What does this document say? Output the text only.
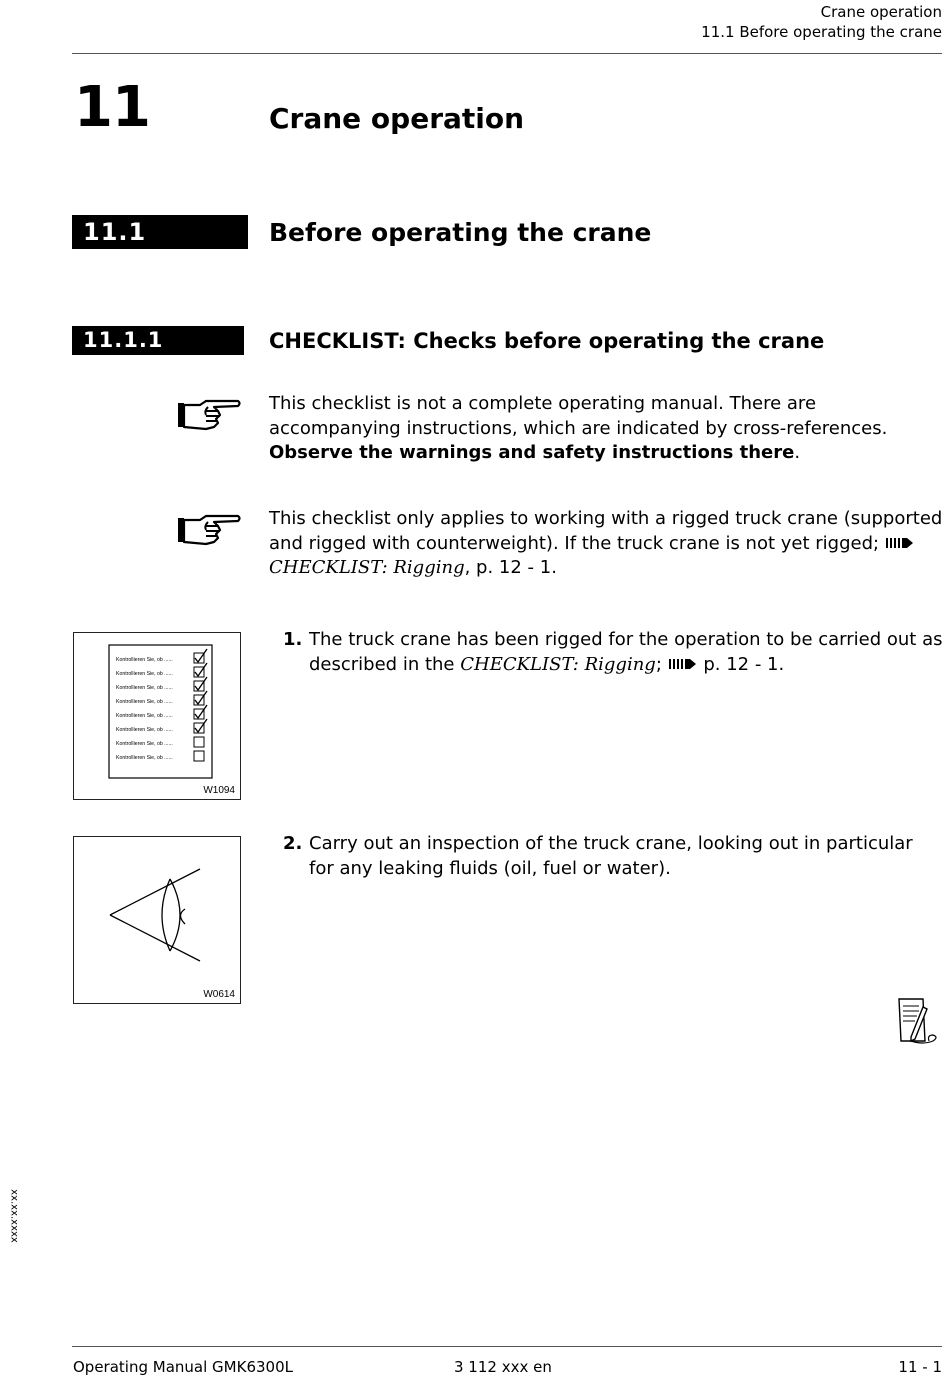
Crane operation
11.1 Before operating the crane
11	Crane operation
11.1	Before operating the crane
11.1.1	CHECKLIST: Checks before operating the crane
This checklist is not a complete operating manual. There are accompanying instructions, which are indicated by cross-references.
Observe the warnings and safety instructions there.
This checklist only applies to working with a rigged truck crane (supported and rigged with counterweight). If the truck crane is not yet rigged;  CHECKLIST: Rigging, p. 12 - 1.
Kontrollieren Sie, ob ......
Kontrollieren Sie, ob ......
Kontrollieren Sie, ob ......
Kontrollieren Sie, ob ......
Kontrollieren Sie, ob ......
Kontrollieren Sie, ob ......
Kontrollieren Sie, ob ......
Kontrollieren Sie, ob ......
W1094
1. The truck crane has been rigged for the operation to be carried out as described in the CHECKLIST: Rigging;  p. 12 - 1.
W0614
2. Carry out an inspection of the truck crane, looking out in particular for any leaking fluids (oil, fuel or water).
xx.xx.xxxx
Operating Manual GMK6300L	3 112 xxx en	11 - 1
